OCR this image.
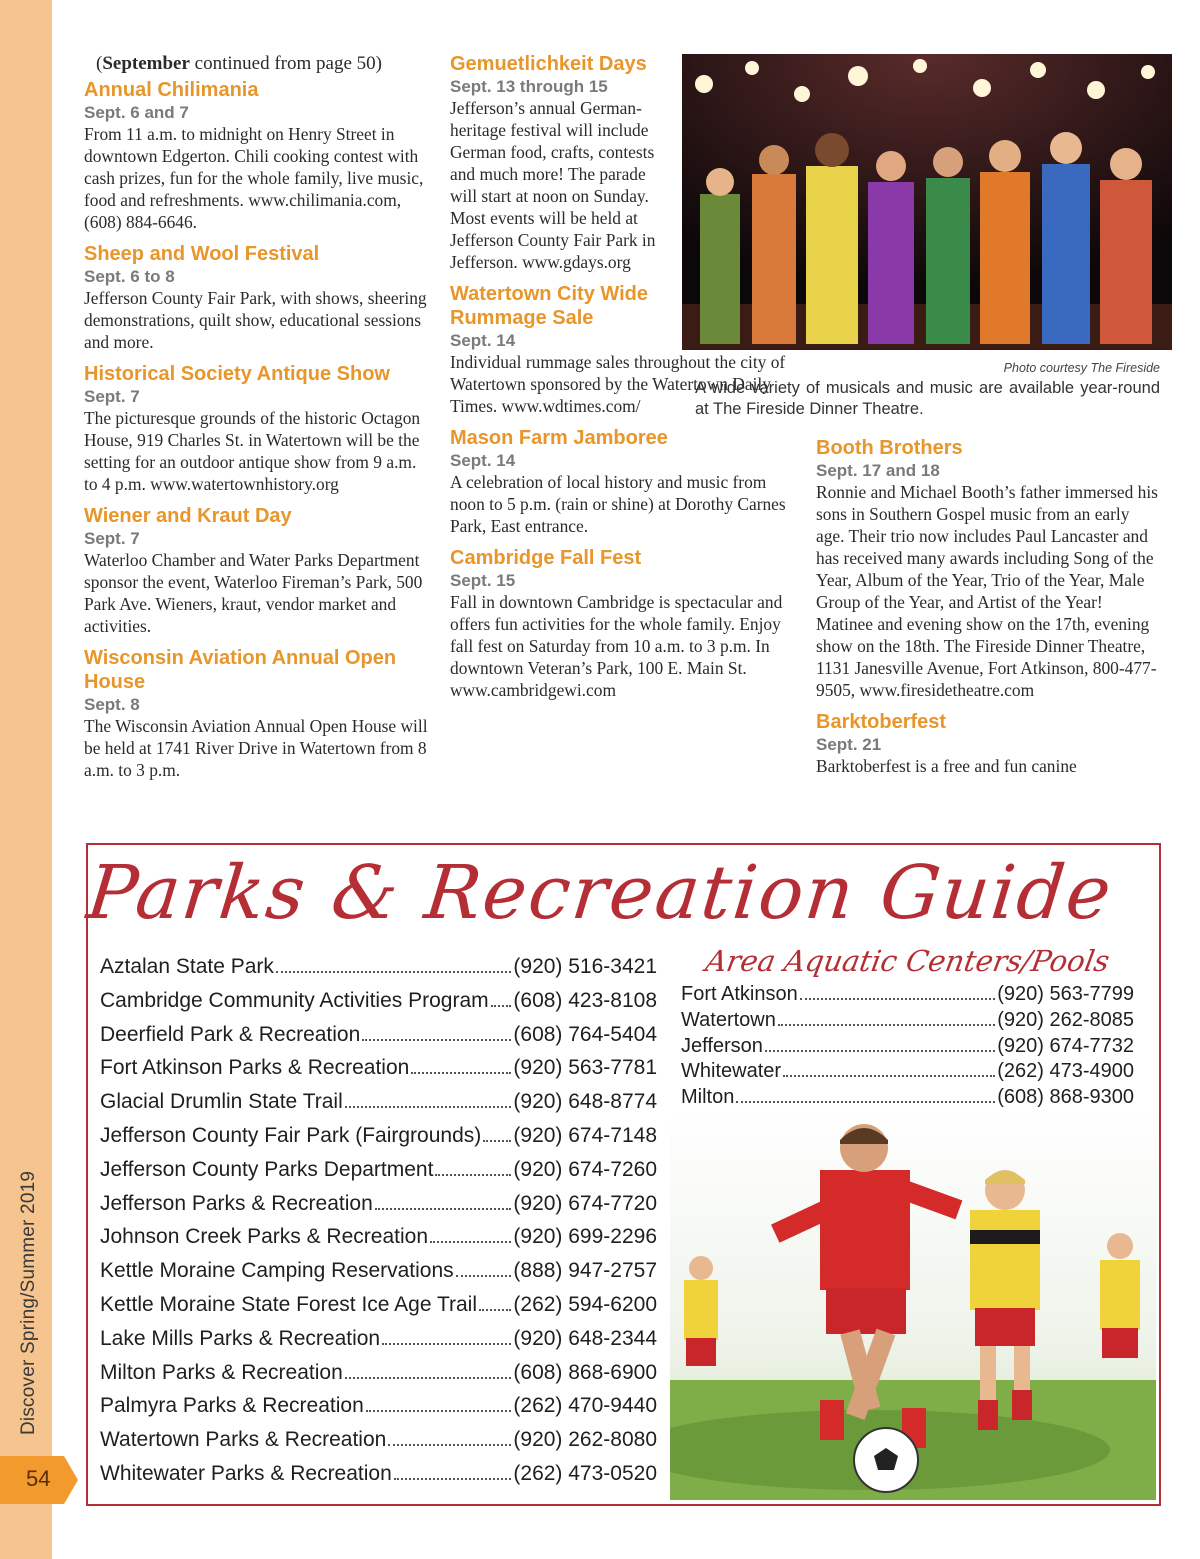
Discover Spring/Summer 2019
54
(September continued from page 50)
Annual Chilimania
Sept. 6 and 7
From 11 a.m. to midnight on Henry Street in downtown Edgerton. Chili cooking contest with cash prizes, fun for the whole family, live music, food and refreshments. www.chilimania.com, (608) 884-6646.
Sheep and Wool Festival
Sept. 6 to 8
Jefferson County Fair Park, with shows, sheering demonstrations, quilt show, educational sessions and more.
Historical Society Antique Show
Sept. 7
The picturesque grounds of the historic Octagon House, 919 Charles St. in Watertown will be the setting for an outdoor antique show from 9 a.m. to 4 p.m. www.watertownhistory.org
Wiener and Kraut Day
Sept. 7
Waterloo Chamber and Water Parks Department sponsor the event, Waterloo Fireman’s Park, 500 Park Ave. Wieners, kraut, vendor market and activities.
Wisconsin Aviation Annual Open House
Sept. 8
The Wisconsin Aviation Annual Open House will be held at 1741 River Drive in Watertown from 8 a.m. to 3 p.m.
Gemuetlichkeit Days
Sept. 13 through 15
Jefferson’s annual German-heritage festival will include German food, crafts, contests and much more! The parade will start at noon on Sunday. Most events will be held at Jefferson County Fair Park in Jefferson. www.gdays.org
Watertown City Wide Rummage Sale
Sept. 14
Individual rummage sales throughout the city of Watertown sponsored by the Watertown Daily Times. www.wdtimes.com/
Mason Farm Jamboree
Sept. 14
A celebration of local history and music from noon to 5 p.m. (rain or shine) at Dorothy Carnes Park, East entrance.
Cambridge Fall Fest
Sept. 15
Fall in downtown Cambridge is spectacular and offers fun activities for the whole family. Enjoy fall fest on Saturday from 10 a.m. to 3 p.m. In downtown Veteran’s Park, 100 E. Main St. www.cambridgewi.com
Photo courtesy The Fireside
A wide variety of musicals and music are available year-round at The Fireside Dinner Theatre.
Booth Brothers
Sept. 17 and 18
Ronnie and Michael Booth’s father immersed his sons in Southern Gospel music from an early age. Their trio now includes Paul Lancaster and has received many awards including Song of the Year, Album of the Year, Trio of the Year, Male Group of the Year, and Artist of the Year! Matinee and evening show on the 17th, evening show on the 18th. The Fireside Dinner Theatre, 1131 Janesville Avenue, Fort Atkinson, 800-477-9505, www.firesidetheatre.com
Barktoberfest
Sept. 21
Barktoberfest is a free and fun canine
Parks & Recreation Guide
Aztalan State Park	(920) 516-3421
Cambridge Community Activities Program (608) 423-8108
Deerfield Park & Recreation	(608) 764-5404
Fort Atkinson Parks & Recreation	(920) 563-7781
Glacial Drumlin State Trail	(920) 648-8774
Jefferson County Fair Park (Fairgrounds) (920) 674-7148
Jefferson County Parks Department	(920) 674-7260
Jefferson Parks & Recreation	(920) 674-7720
Johnson Creek Parks & Recreation	(920) 699-2296
Kettle Moraine Camping Reservations	(888) 947-2757
Kettle Moraine State Forest Ice Age Trail (262) 594-6200
Lake Mills Parks & Recreation	(920) 648-2344
Milton Parks & Recreation	(608) 868-6900
Palmyra Parks & Recreation	(262) 470-9440
Watertown Parks & Recreation	(920) 262-8080
Whitewater Parks & Recreation	(262) 473-0520
Area Aquatic Centers/Pools
Fort Atkinson	(920) 563-7799
Watertown	(920) 262-8085
Jefferson	(920) 674-7732
Whitewater	(262) 473-4900
Milton	(608) 868-9300
